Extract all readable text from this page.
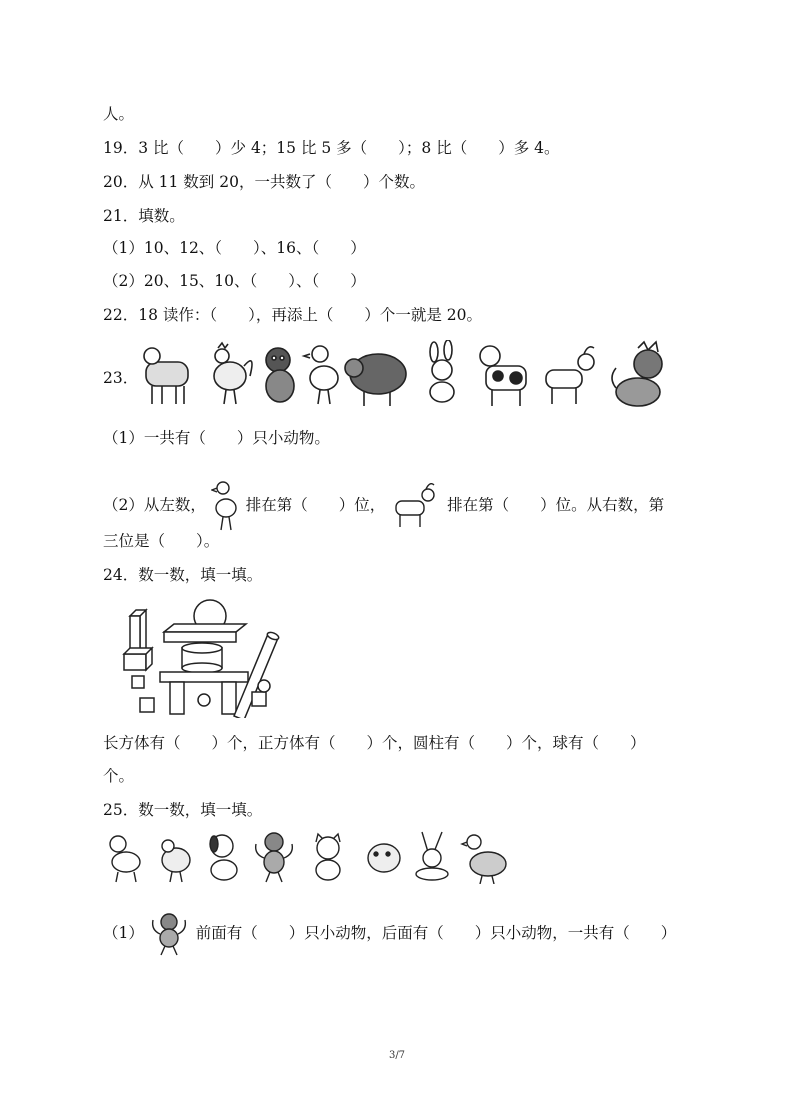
人。
19．3 比（　　）少 4；15 比 5 多（　　）；8 比（　　）多 4。
20．从 11 数到 20，一共数了（　　）个数。
21．填数。
（1）10、12、（　　）、16、（　　）
（2）20、15、10、（　　）、（　　）
22．18 读作：（　　），再添上（　　）个一就是 20。
23．
（1）一共有（　　）只小动物。
（2）从左数，	排在第（　　）位，	排在第（　　）位。从右数，第
三位是（　　）。
24．数一数，填一填。
长方体有（　　）个，正方体有（　　）个，圆柱有（　　）个，球有（　　）
个。
25．数一数，填一填。
（1）	前面有（　　）只小动物，后面有（　　）只小动物，一共有（　　）
3/7
